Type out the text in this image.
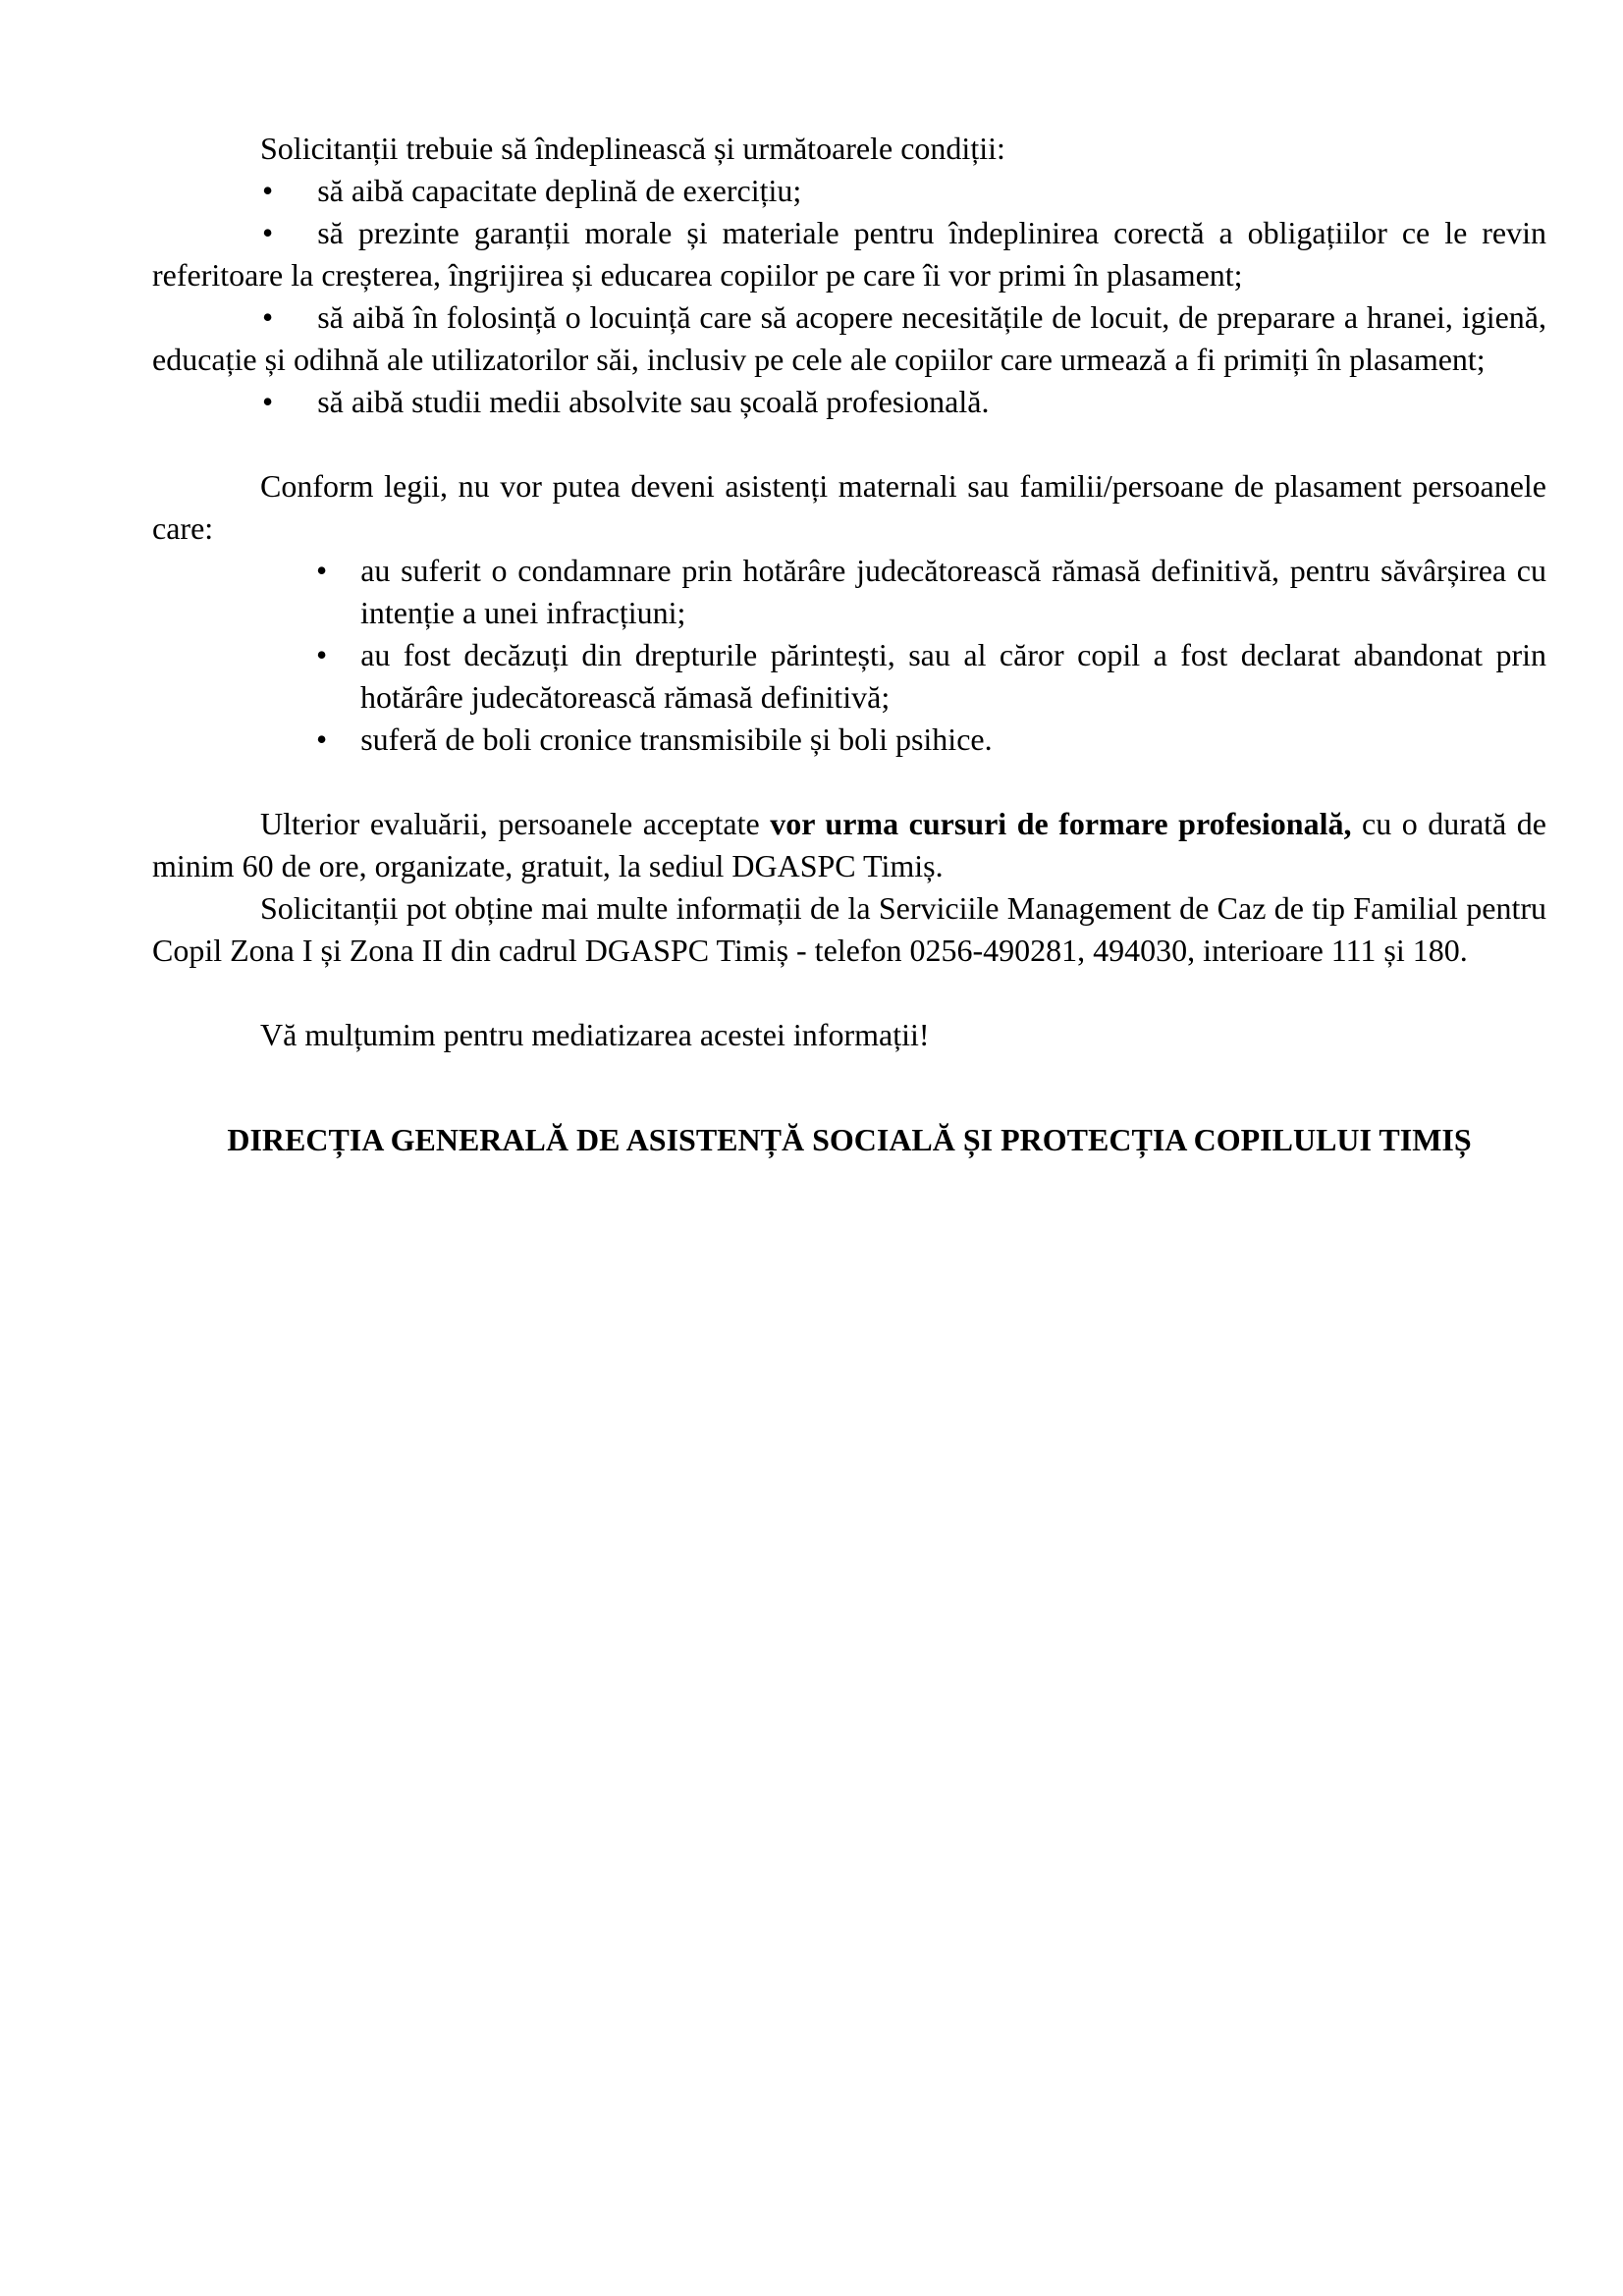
Solicitanții trebuie să îndeplinească și următoarele condiții:

• să aibă capacitate deplină de exercițiu;

• să prezinte garanții morale și materiale pentru îndeplinirea corectă a obligațiilor ce le revin referitoare la creșterea, îngrijirea și educarea copiilor pe care îi vor primi în plasament;

• să aibă în folosință o locuință care să acopere necesitățile de locuit, de preparare a hranei, igienă, educație și odihnă ale utilizatorilor săi, inclusiv pe cele ale copiilor care urmează a fi primiți în plasament;

• să aibă studii medii absolvite sau școală profesională.

Conform legii, nu vor putea deveni asistenți maternali sau familii/persoane de plasament persoanele care:

• au suferit o condamnare prin hotărâre judecătorească rămasă definitivă, pentru săvârșirea cu intenție a unei infracțiuni;

• au fost decăzuți din drepturile părintești, sau al căror copil a fost declarat abandonat prin hotărâre judecătorească rămasă definitivă;

• suferă de boli cronice transmisibile și boli psihice.

Ulterior evaluării, persoanele acceptate vor urma cursuri de formare profesională, cu o durată de minim 60 de ore, organizate, gratuit, la sediul DGASPC Timiș.

Solicitanții pot obține mai multe informații de la Serviciile Management de Caz de tip Familial pentru Copil Zona I și Zona II din cadrul DGASPC Timiș - telefon 0256-490281, 494030, interioare 111 și 180.

Vă mulțumim pentru mediatizarea acestei informații!

DIRECȚIA GENERALĂ DE ASISTENȚĂ SOCIALĂ ȘI PROTECȚIA COPILULUI TIMIȘ
